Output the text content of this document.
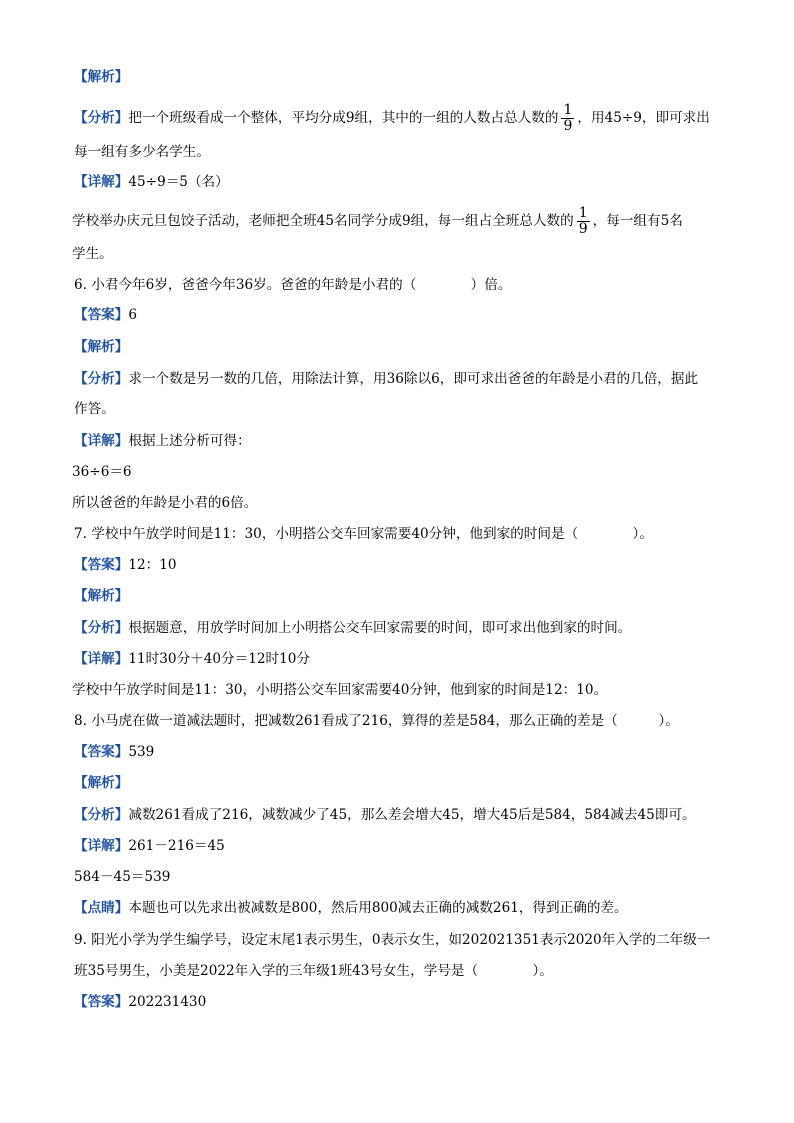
【解析】
【分析】把一个班级看成一个整体，平均分成9组，其中的一组的人数占总人数的 $\frac{1}{9}$ ，用45÷9，即可求出
每一组有多少名学生。
【详解】45÷9＝5（名）
学校举办庆元旦包饺子活动，老师把全班45名同学分成9组，每一组占全班总人数的 $\frac{1}{9}$ ，每一组有5名
学生。
6. 小君今年6岁，爸爸今年36岁。爸爸的年龄是小君的（　　　　）倍。
【答案】6
【解析】
【分析】求一个数是另一数的几倍，用除法计算，用36除以6，即可求出爸爸的年龄是小君的几倍，据此
作答。
【详解】根据上述分析可得：
36÷6＝6
所以爸爸的年龄是小君的6倍。
7. 学校中午放学时间是11：30，小明搭公交车回家需要40分钟，他到家的时间是（　　　　）。
【答案】12：10
【解析】
【分析】根据题意，用放学时间加上小明搭公交车回家需要的时间，即可求出他到家的时间。
【详解】11时30分＋40分＝12时10分
学校中午放学时间是11：30，小明搭公交车回家需要40分钟，他到家的时间是12：10。
8. 小马虎在做一道减法题时，把减数261看成了216，算得的差是584，那么正确的差是（　　　）。
【答案】539
【解析】
【分析】减数261看成了216，减数减少了45，那么差会增大45，增大45后是584，584减去45即可。
【详解】261－216＝45
584－45＝539
【点睛】本题也可以先求出被减数是800，然后用800减去正确的减数261，得到正确的差。
9. 阳光小学为学生编学号，设定末尾1表示男生，0表示女生，如202021351表示2020年入学的二年级一
班35号男生，小美是2022年入学的三年级1班43号女生，学号是（　　　　）。
【答案】202231430
